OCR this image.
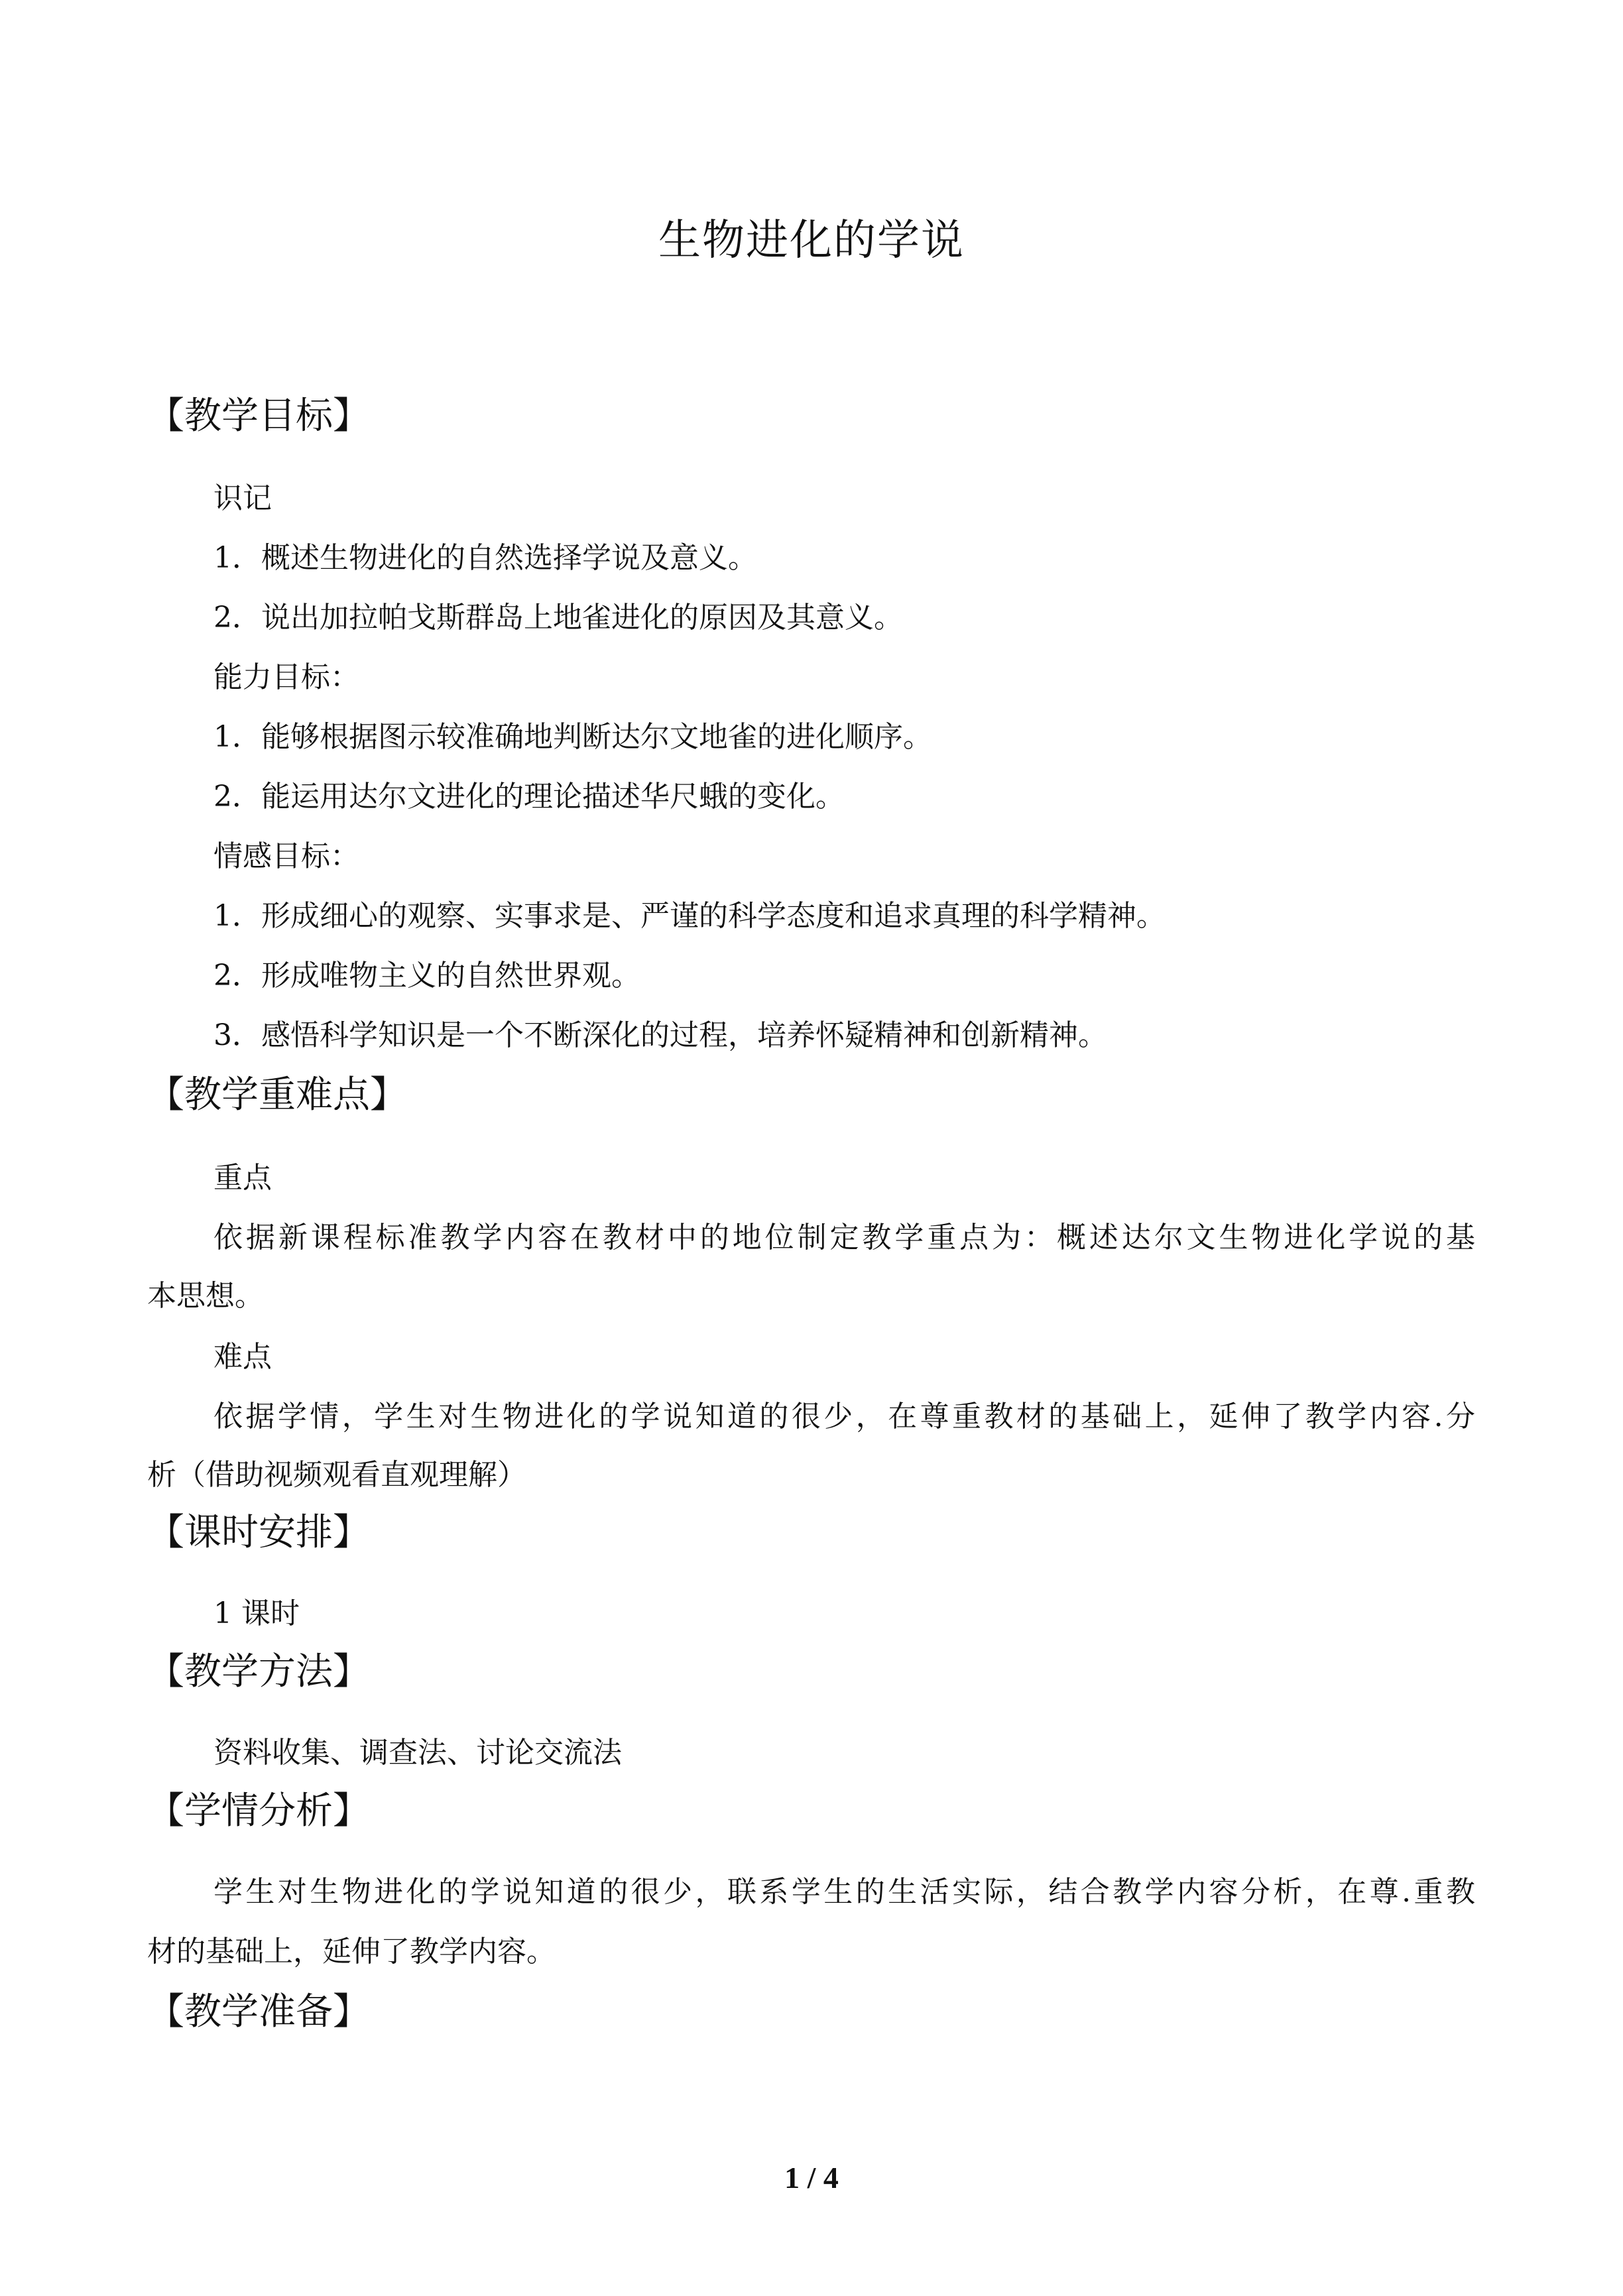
生物进化的学说
【教学目标】
识记
1．概述生物进化的自然选择学说及意义。
2．说出加拉帕戈斯群岛上地雀进化的原因及其意义。
能力目标：
1．能够根据图示较准确地判断达尔文地雀的进化顺序。
2．能运用达尔文进化的理论描述华尺蛾的变化。
情感目标：
1．形成细心的观察、实事求是、严谨的科学态度和追求真理的科学精神。
2．形成唯物主义的自然世界观。
3．感悟科学知识是一个不断深化的过程，培养怀疑精神和创新精神。
【教学重难点】
重点
依据新课程标准教学内容在教材中的地位制定教学重点为：概述达尔文生物进化学说的基
本思想。
难点
依据学情，学生对生物进化的学说知道的很少，在尊重教材的基础上，延伸了教学内容.分
析（借助视频观看直观理解）
【课时安排】
1 课时
【教学方法】
资料收集、调查法、讨论交流法
【学情分析】
学生对生物进化的学说知道的很少，联系学生的生活实际，结合教学内容分析，在尊.重教
材的基础上，延伸了教学内容。
【教学准备】
1 / 4
